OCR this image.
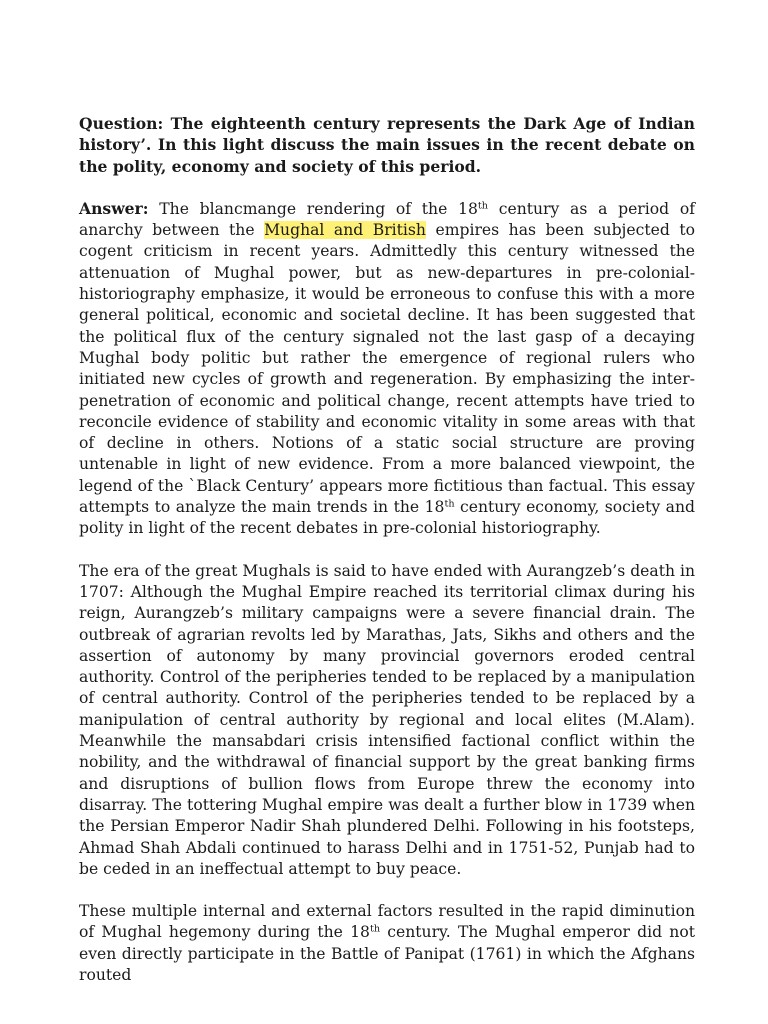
Question: The eighteenth century represents the Dark Age of Indian history’. In this light discuss the main issues in the recent debate on the polity, economy and society of this period.

Answer: The blancmange rendering of the 18th century as a period of anarchy between the Mughal and British empires has been subjected to cogent criticism in recent years. Admittedly this century witnessed the attenuation of Mughal power, but as new-departures in pre-colonial-historiography emphasize, it would be erroneous to confuse this with a more general political, economic and societal decline. It has been suggested that the political flux of the century signaled not the last gasp of a decaying Mughal body politic but rather the emergence of regional rulers who initiated new cycles of growth and regeneration. By emphasizing the inter-penetration of economic and political change, recent attempts have tried to reconcile evidence of stability and economic vitality in some areas with that of decline in others. Notions of a static social structure are proving untenable in light of new evidence. From a more balanced viewpoint, the legend of the `Black Century’ appears more fictitious than factual. This essay attempts to analyze the main trends in the 18th century economy, society and polity in light of the recent debates in pre-colonial historiography.

The era of the great Mughals is said to have ended with Aurangzeb’s death in 1707: Although the Mughal Empire reached its territorial climax during his reign, Aurangzeb’s military campaigns were a severe financial drain. The outbreak of agrarian revolts led by Marathas, Jats, Sikhs and others and the assertion of autonomy by many provincial governors eroded central authority. Control of the peripheries tended to be replaced by a manipulation of central authority. Control of the peripheries tended to be replaced by a manipulation of central authority by regional and local elites (M.Alam). Meanwhile the mansabdari crisis intensified factional conflict within the nobility, and the withdrawal of financial support by the great banking firms and disruptions of bullion flows from Europe threw the economy into disarray. The tottering Mughal empire was dealt a further blow in 1739 when the Persian Emperor Nadir Shah plundered Delhi. Following in his footsteps, Ahmad Shah Abdali continued to harass Delhi and in 1751-52, Punjab had to be ceded in an ineffectual attempt to buy peace.

These multiple internal and external factors resulted in the rapid diminution of Mughal hegemony during the 18th century. The Mughal emperor did not even directly participate in the Battle of Panipat (1761) in which the Afghans routed
